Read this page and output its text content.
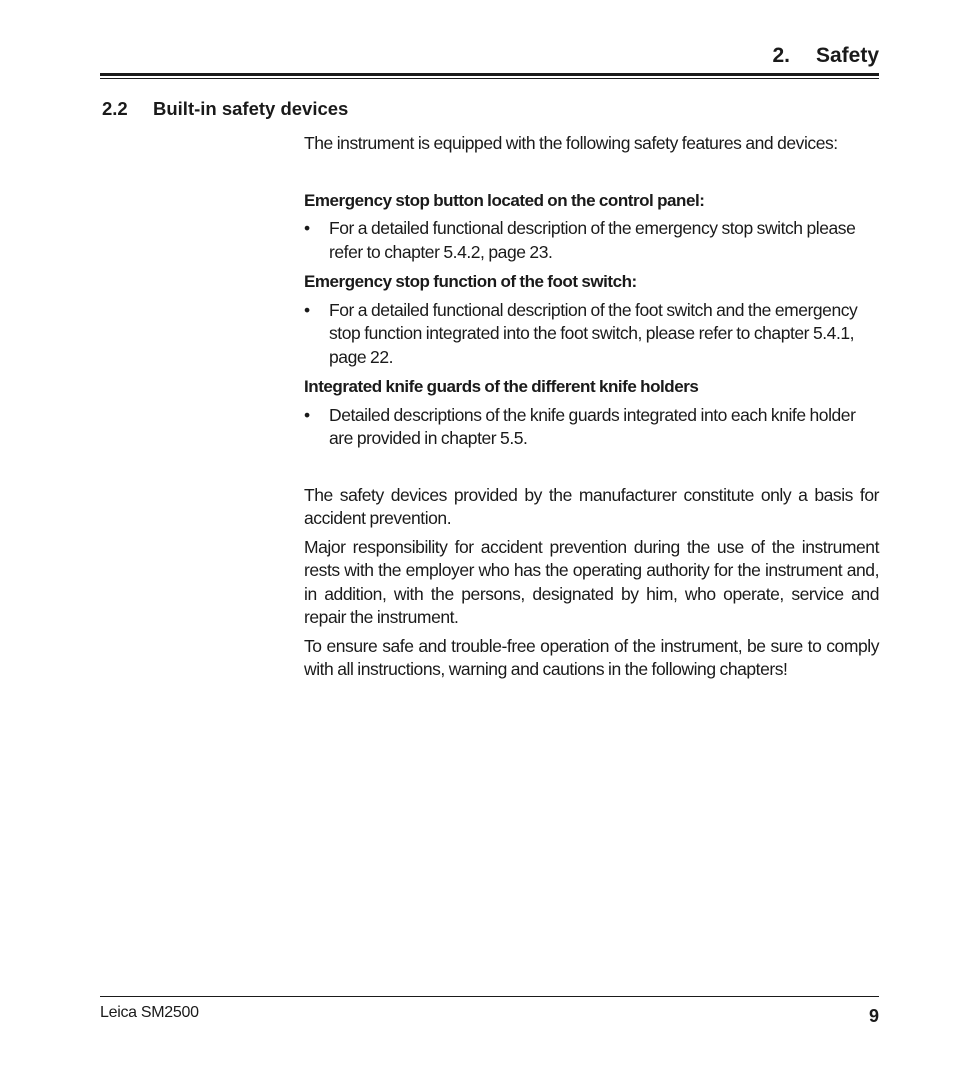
2. Safety
2.2 Built-in safety devices

The instrument is equipped with the following safety features and devices:

Emergency stop button located on the control panel:

• For a detailed functional description of the emergency stop switch please refer to chapter 5.4.2, page 23.

Emergency stop function of the foot switch:

• For a detailed functional description of the foot switch and the emergency stop function integrated into the foot switch, please refer to chapter 5.4.1, page 22.

Integrated knife guards of the different knife holders

• Detailed descriptions of the knife guards integrated into each knife holder are provided in chapter 5.5.

The safety devices provided by the manufacturer constitute only a basis for accident prevention.

Major responsibility for accident prevention during the use of the instrument rests with the employer who has the operating authority for the instrument and, in addition, with the persons, designated by him, who operate, service and repair the instrument.

To ensure safe and trouble-free operation of the instrument, be sure to comply with all instructions, warning and cautions in the following chapters!

Leica SM2500	9
